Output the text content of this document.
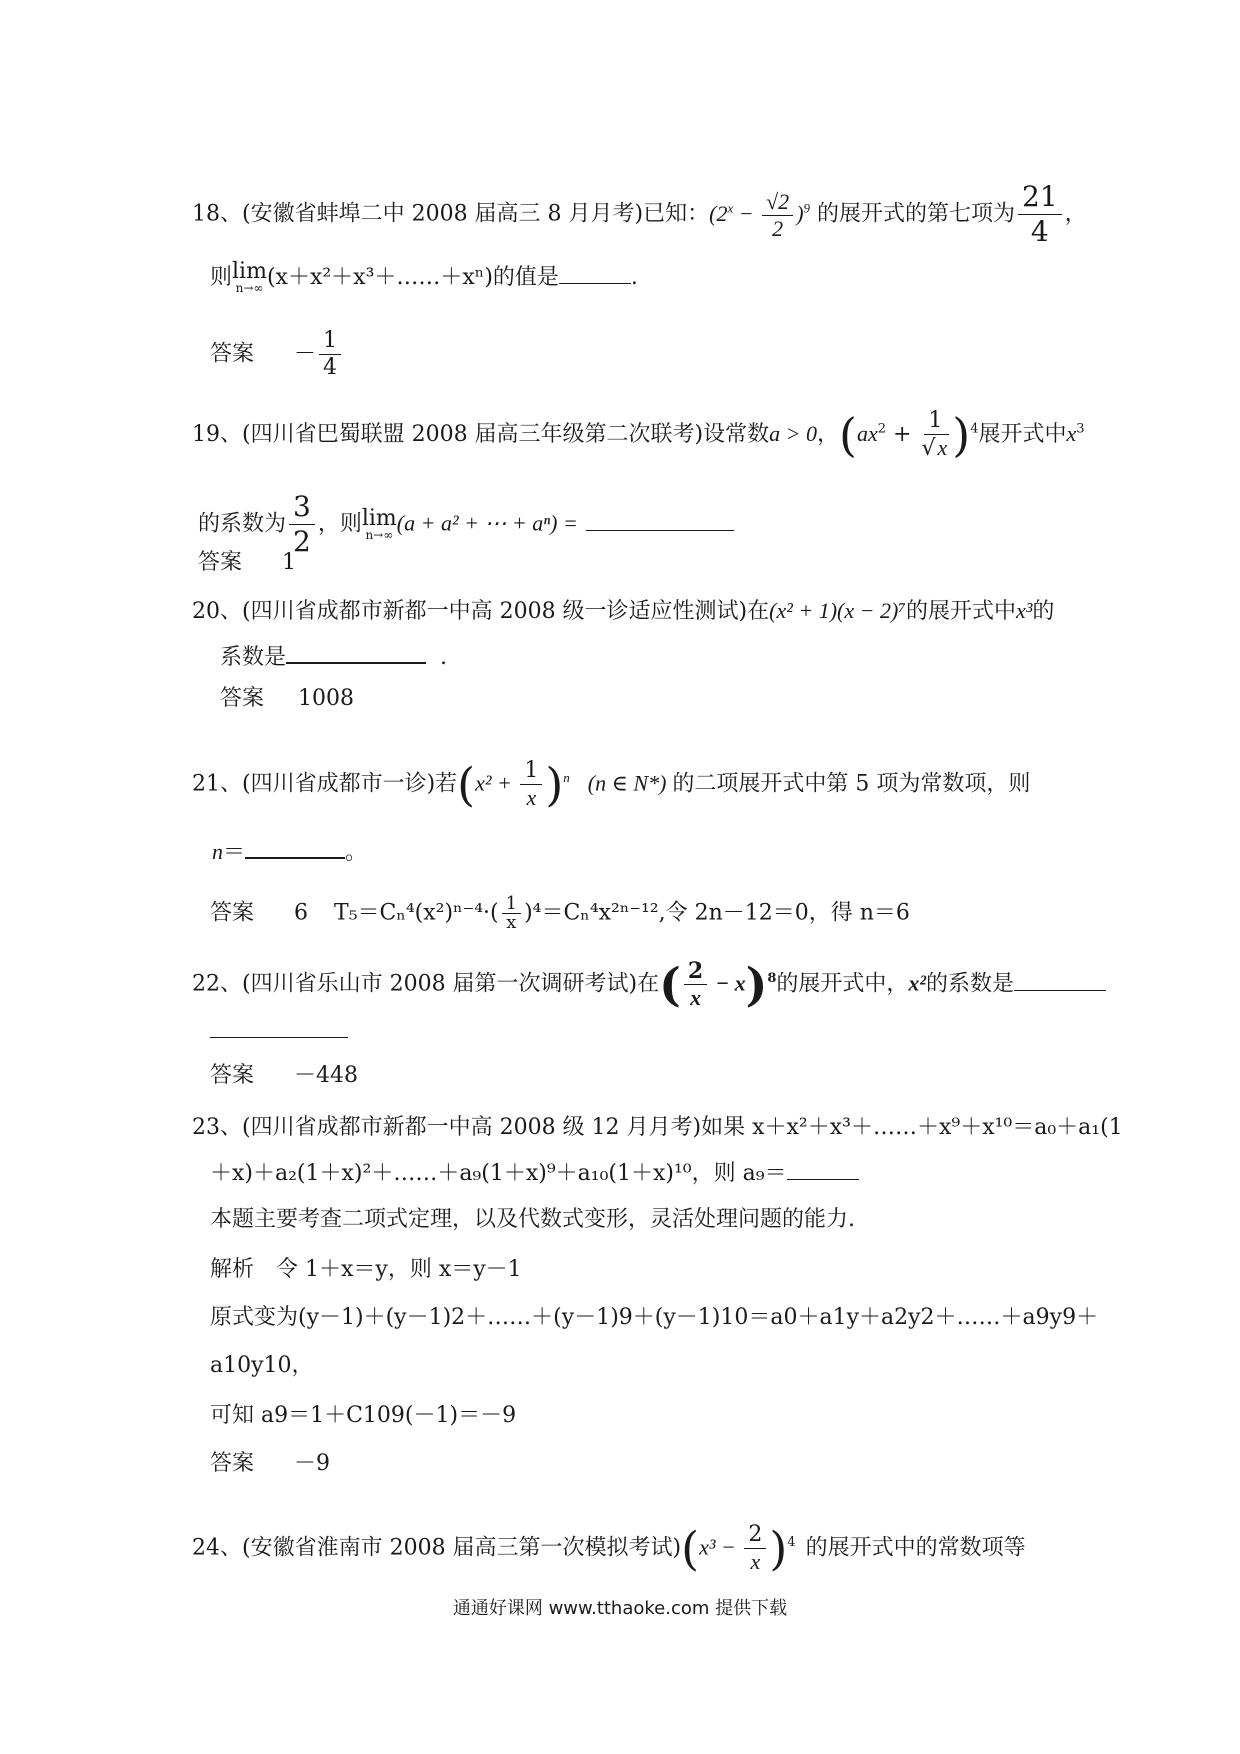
18、(安徽省蚌埠二中 2008 届高三 8 月月考)已知：$(2^x - \frac{√2}{2} )^9$ 的展开式的第七项为 $\frac{21}{4}$ ，
则 lim
n→∞ (x＋x²＋x³＋……＋xⁿ)的值是	.
答案 － $\frac{1}{4}$
19、(四川省巴蜀联盟 2008 届高三年级第二次联考)设常数a > 0，$(ax^2 + \frac{1}{√x} )^4$展开式中$x^3$
的系数为 $\frac{3}{2}$ ，则 lim
n→∞ (a + a² + ⋯ + aⁿ) =
答案 1
20、(四川省成都市新都一中高 2008 级一诊适应性测试)在(x² + 1)(x − 2)⁷的展开式中x³的
系数是	.
答案 1008
21、(四川省成都市一诊)若$(x^2 + \frac{1}{x} )^n$ (n ∈ N*) 的二项展开式中第 5 项为常数项，则
n＝	。
答案 6 $T_5=C_n^4(x^2)^{n-4}\cdot( \frac{1}{x} )^4=C_n^4x^{2n-12}$,令 2n－12＝0，得 n＝6
22、(四川省乐山市 2008 届第一次调研考试)在( $\frac{2}{x} - x)^8$的展开式中，x²的系数是
答案 －448
23、(四川省成都市新都一中高 2008 级 12 月月考)如果 x＋x²＋x³＋……＋x⁹＋x¹⁰＝a₀＋a₁(1
＋x)＋a₂(1＋x)²＋……＋a₉(1＋x)⁹＋a₁₀(1＋x)¹⁰，则 a₉＝
本题主要考查二项式定理，以及代数式变形，灵活处理问题的能力.
解析 令 1＋x＝y，则 x＝y－1
原式变为(y－1)＋(y－1)2＋……＋(y－1)9＋(y－1)10＝a0＋a1y＋a2y2＋……＋a9y9＋
a10y10，
可知 a9＝1＋C109(－1)＝－9
答案 －9
24、(安徽省淮南市 2008 届高三第一次模拟考试)$(x^3 - \frac{2}{x} )^4$ 的展开式中的常数项等
通通好课网 www.tthaoke.com 提供下载
